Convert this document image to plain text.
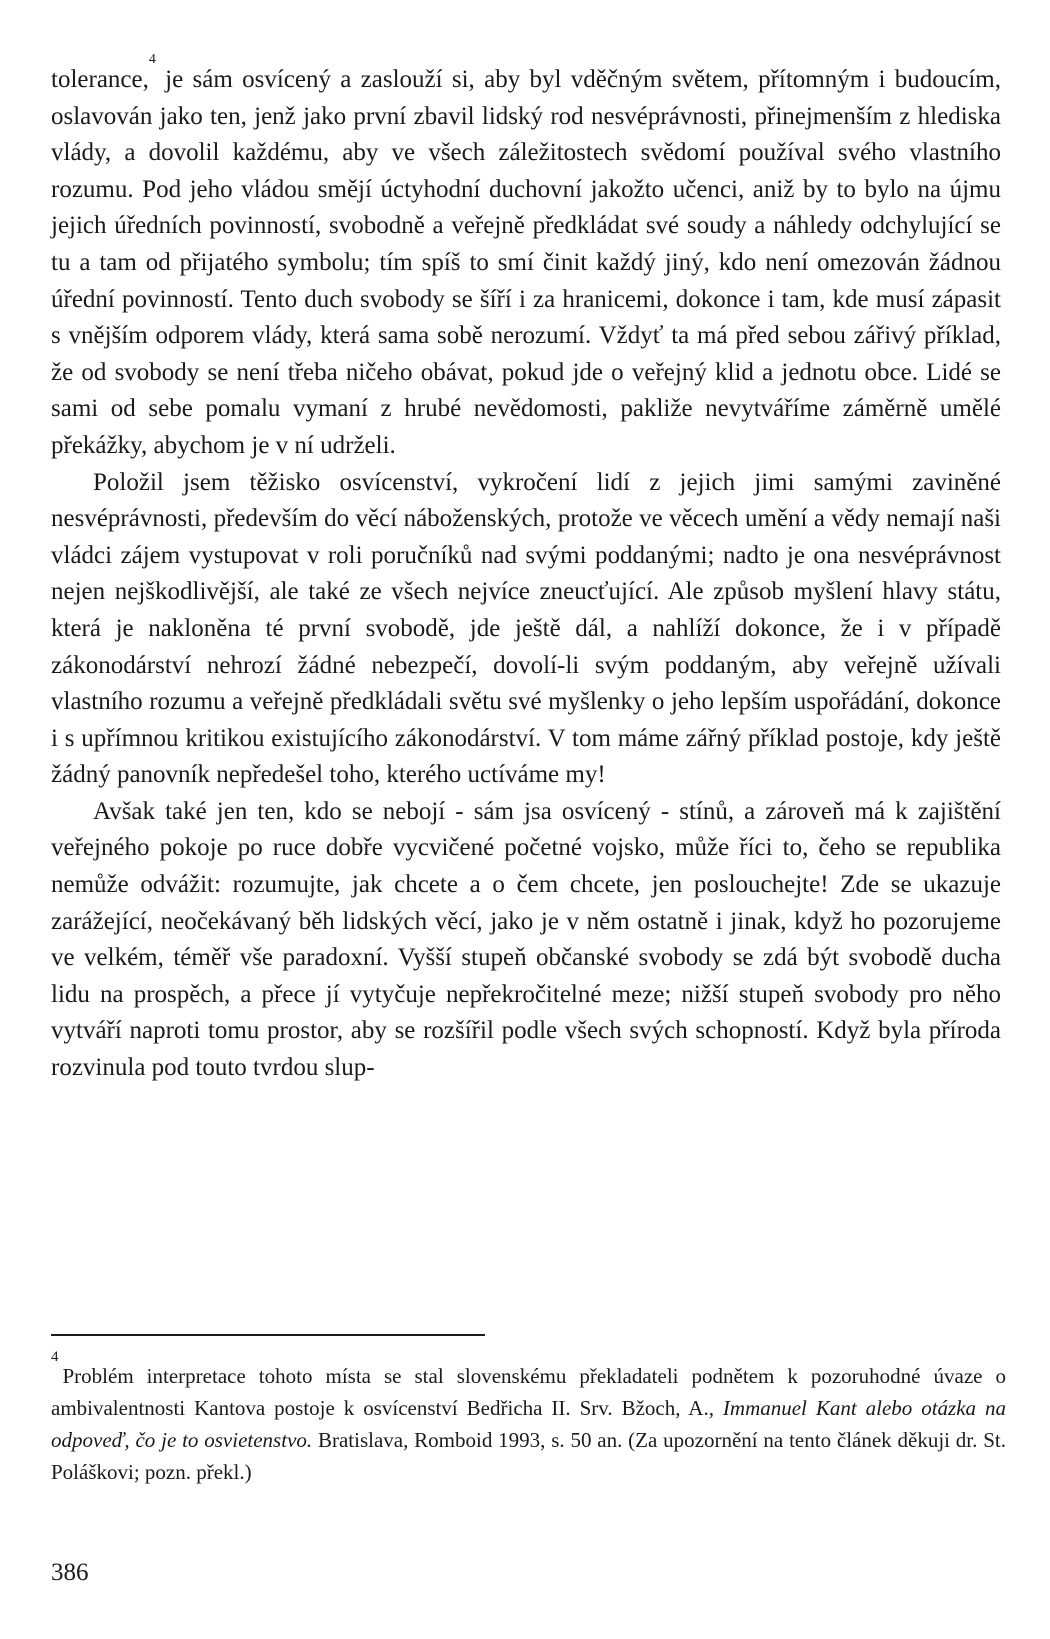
tolerance,$^4$ je sám osvícený a zaslouží si, aby byl vděčným světem, přítomným i budoucím, oslavován jako ten, jenž jako první zbavil lidský rod nesvéprávnosti, přinejmenším z hlediska vlády, a dovolil každému, aby ve všech záležitostech svědomí používal svého vlastního rozumu. Pod jeho vládou smějí úctyhodní duchovní jakožto učenci, aniž by to bylo na újmu jejich úředních povinností, svobodně a veřejně předkládat své soudy a náhledy odchylující se tu a tam od přijatého symbolu; tím spíš to smí činit každý jiný, kdo není omezován žádnou úřední povinností. Tento duch svobody se šíří i za hranicemi, dokonce i tam, kde musí zápasit s vnějším odporem vlády, která sama sobě nerozumí. Vždyť ta má před sebou zářivý příklad, že od svobody se není třeba ničeho obávat, pokud jde o veřejný klid a jednotu obce. Lidé se sami od sebe pomalu vymaní z hrubé nevědomosti, pakliže nevytváříme záměrně umělé překážky, abychom je v ní udrželi.

Položil jsem těžisko osvícenství, vykročení lidí z jejich jimi samými zaviněné nesvéprávnosti, především do věcí náboženských, protože ve věcech umění a vědy nemají naši vládci zájem vystupovat v roli poručníků nad svými poddanými; nadto je ona nesvéprávnost nejen nejškodlivější, ale také ze všech nejvíce zneucťující. Ale způsob myšlení hlavy státu, která je nakloněna té první svobodě, jde ještě dál, a nahlíží dokonce, že i v případě zákonodárství nehrozí žádné nebezpečí, dovolí-li svým poddaným, aby veřejně užívali vlastního rozumu a veřejně předkládali světu své myšlenky o jeho lepším uspořádání, dokonce i s upřímnou kritikou existujícího zákonodárství. V tom máme zářný příklad postoje, kdy ještě žádný panovník nepředešel toho, kterého uctíváme my!

Avšak také jen ten, kdo se nebojí - sám jsa osvícený - stínů, a zároveň má k zajištění veřejného pokoje po ruce dobře vycvičené početné vojsko, může říci to, čeho se republika nemůže odvážit: rozumujte, jak chcete a o čem chcete, jen poslouchejte! Zde se ukazuje zarážející, neočekávaný běh lidských věcí, jako je v něm ostatně i jinak, když ho pozorujeme ve velkém, téměř vše paradoxní. Vyšší stupeň občanské svobody se zdá být svobodě ducha lidu na prospěch, a přece jí vytyčuje nepřekročitelné meze; nižší stupeň svobody pro něho vytváří naproti tomu prostor, aby se rozšířil podle všech svých schopností. Když byla příroda rozvinula pod touto tvrdou slup-

$^4$Problém interpretace tohoto místa se stal slovenskému překladateli podnětem k pozoruhodné úvaze o ambivalentnosti Kantova postoje k osvícenství Bedřicha II. Srv. Bžoch, A., Immanuel Kant alebo otázka na odpoveď, čo je to osvietenstvo. Bratislava, Romboid 1993, s. 50 an. (Za upozornění na tento článek děkuji dr. St. Poláškovi; pozn. překl.)
386
